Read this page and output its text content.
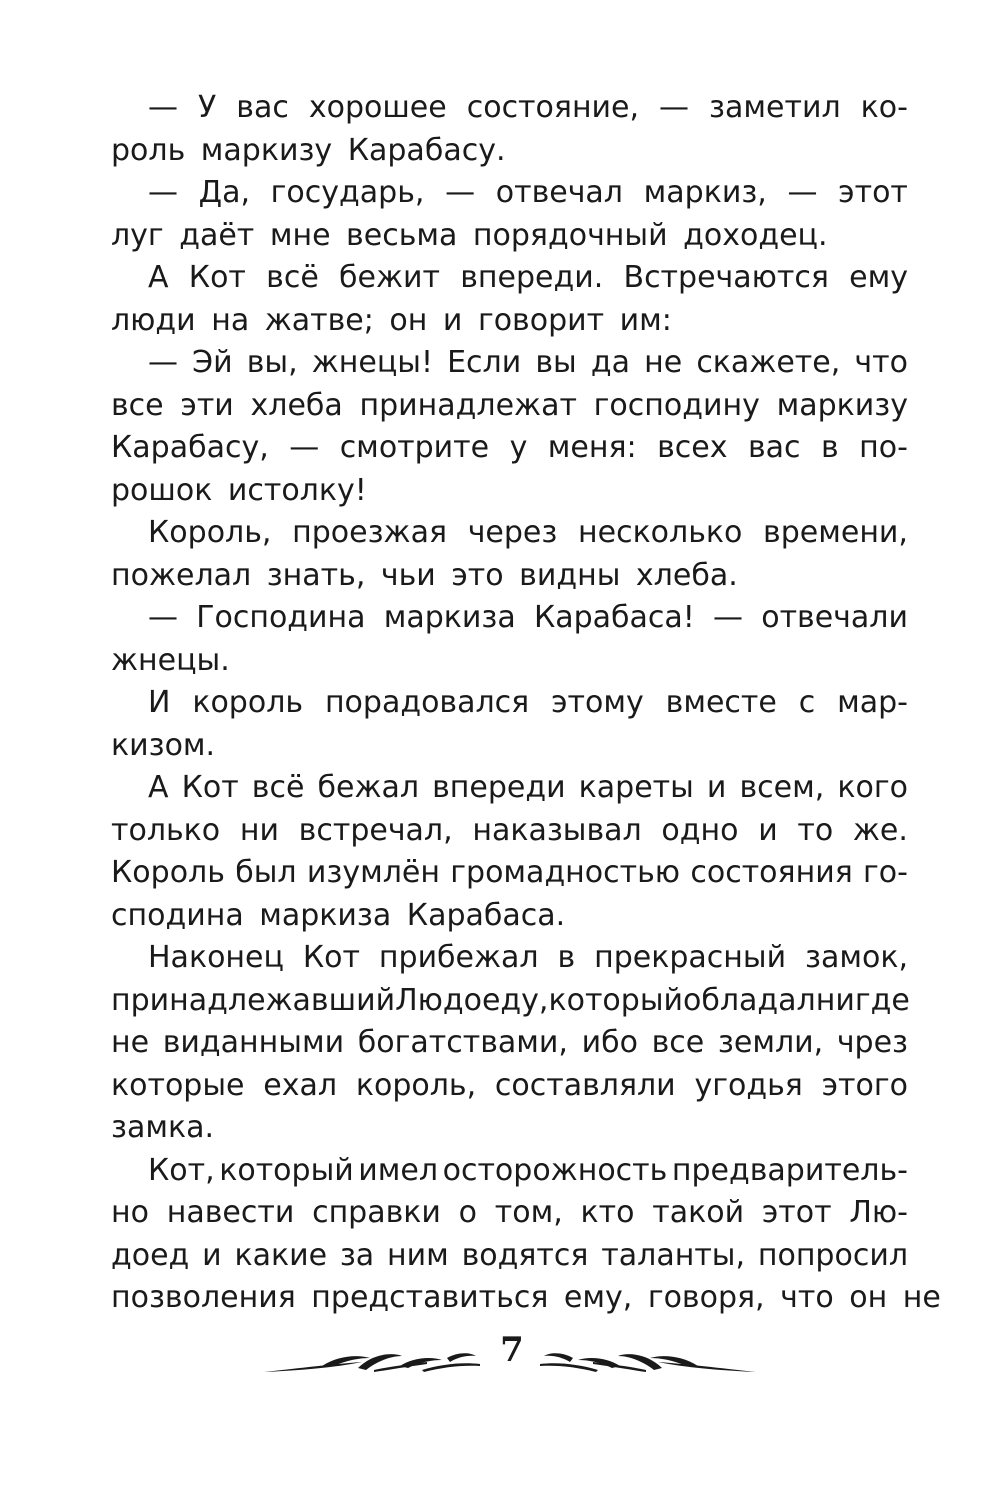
— У вас хорошее состояние, — заметил ко-
роль маркизу Карабасу.
— Да, государь, — отвечал маркиз, — этот
луг даёт мне весьма порядочный доходец.
А Кот всё бежит впереди. Встречаются ему
люди на жатве; он и говорит им:
— Эй вы, жнецы! Если вы да не скажете, что
все эти хлеба принадлежат господину маркизу
Карабасу, — смотрите у меня: всех вас в по-
рошок истолку!
Король, проезжая через несколько времени,
пожелал знать, чьи это видны хлеба.
— Господина маркиза Карабаса! — отвечали
жнецы.
И король порадовался этому вместе с мар-
кизом.
А Кот всё бежал впереди кареты и всем, кого
только ни встречал, наказывал одно и то же.
Король был изумлён громадностью состояния го-
сподина маркиза Карабаса.
Наконец Кот прибежал в прекрасный замок,
принадлежавший Людоеду, который обладал нигде
не виданными богатствами, ибо все земли, чрез
которые ехал король, составляли угодья этого
замка.
Кот, который имел осторожность предваритель-
но навести справки о том, кто такой этот Лю-
доед и какие за ним водятся таланты, попросил
позволения представиться ему, говоря, что он не
7
